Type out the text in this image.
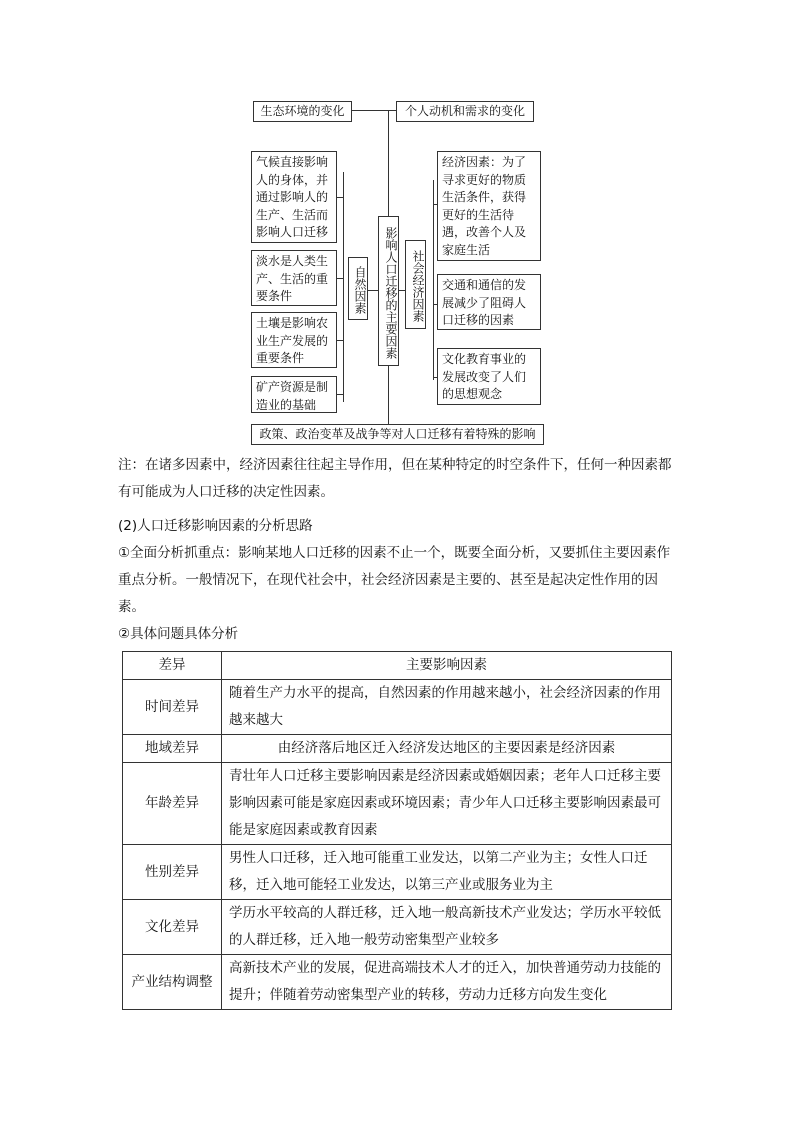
生态环境的变化	个人动机和需求的变化
影响人口迁移的主要因素
自然因素	社会经济因素
气候直接影响人的身体，并通过影响人的生产、生活而影响人口迁移
淡水是人类生产、生活的重要条件
土壤是影响农业生产发展的重要条件
矿产资源是制造业的基础
经济因素：为了寻求更好的物质生活条件，获得更好的生活待遇，改善个人及家庭生活
交通和通信的发展减少了阻碍人口迁移的因素
文化教育事业的发展改变了人们的思想观念
政策、政治变革及战争等对人口迁移有着特殊的影响
注：在诸多因素中，经济因素往往起主导作用，但在某种特定的时空条件下，任何一种因素都有可能成为人口迁移的决定性因素。
(2)人口迁移影响因素的分析思路
①全面分析抓重点：影响某地人口迁移的因素不止一个，既要全面分析，又要抓住主要因素作重点分析。一般情况下，在现代社会中，社会经济因素是主要的、甚至是起决定性作用的因素。
②具体问题具体分析
差异	主要影响因素
时间差异	随着生产力水平的提高，自然因素的作用越来越小，社会经济因素的作用越来越大
地域差异	由经济落后地区迁入经济发达地区的主要因素是经济因素
年龄差异	青壮年人口迁移主要影响因素是经济因素或婚姻因素；老年人口迁移主要影响因素可能是家庭因素或环境因素；青少年人口迁移主要影响因素最可能是家庭因素或教育因素
性别差异	男性人口迁移，迁入地可能重工业发达，以第二产业为主；女性人口迁移，迁入地可能轻工业发达，以第三产业或服务业为主
文化差异	学历水平较高的人群迁移，迁入地一般高新技术产业发达；学历水平较低的人群迁移，迁入地一般劳动密集型产业较多
产业结构调整	高新技术产业的发展，促进高端技术人才的迁入，加快普通劳动力技能的提升；伴随着劳动密集型产业的转移，劳动力迁移方向发生变化
